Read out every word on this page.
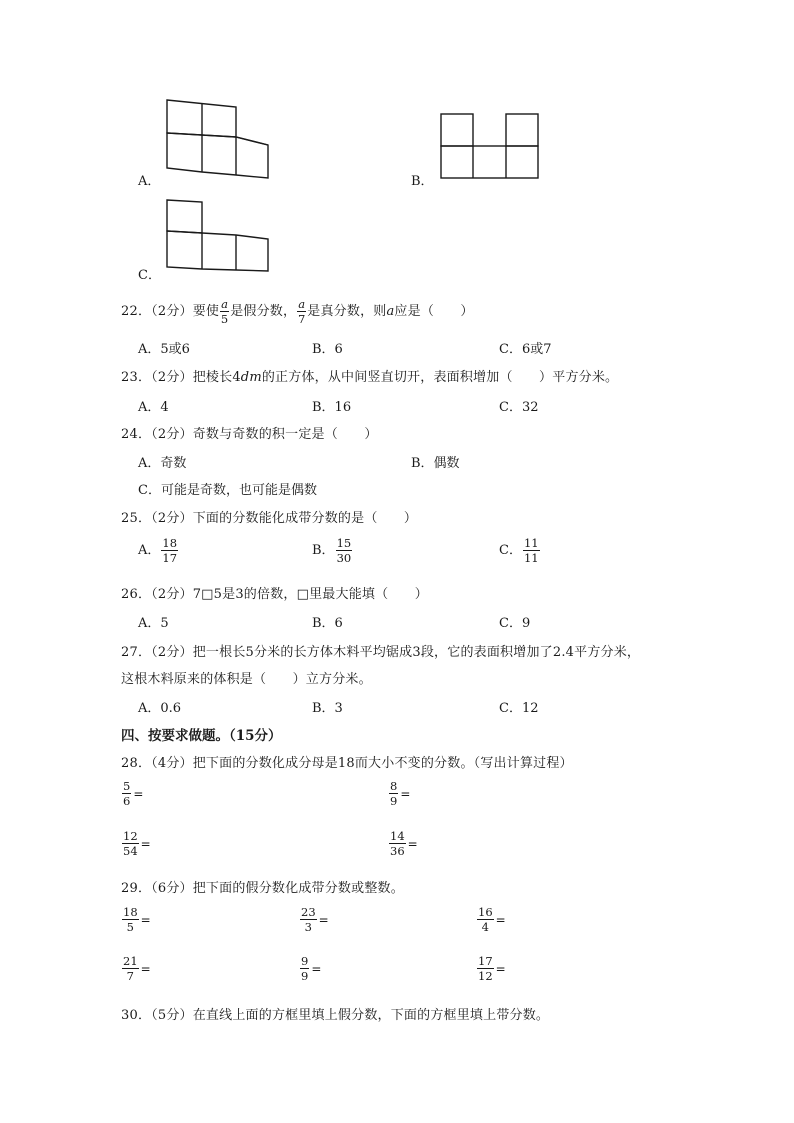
A．	B．
C．
22．（2分）要使 $\frac{a}{5}$ 是假分数， $\frac{a}{7}$ 是真分数，则a应是（　　）
A．5或6	B．6	C．6或7
23．（2分）把棱长4dm的正方体，从中间竖直切开，表面积增加（　　）平方分米。
A．4	B．16	C．32
24．（2分）奇数与奇数的积一定是（　　）
A．奇数	B．偶数
C．可能是奇数，也可能是偶数
25．（2分）下面的分数能化成带分数的是（　　）
A． $\frac{18}{17}$	B． $\frac{15}{30}$	C． $\frac{11}{11}$
26．（2分）7□5是3的倍数，□里最大能填（　　）
A．5	B．6	C．9
27．（2分）把一根长5分米的长方体木料平均锯成3段，它的表面积增加了2.4平方分米，
这根木料原来的体积是（　　）立方分米。
A．0.6	B．3	C．12
四、按要求做题。（15分）
28．（4分）把下面的分数化成分母是18而大小不变的分数。（写出计算过程）
$\frac{5}{6}$ =	$\frac{8}{9}$ =
$\frac{12}{54}$ =	$\frac{14}{36}$ =
29．（6分）把下面的假分数化成带分数或整数。
$\frac{18}{5}$ =	$\frac{23}{3}$ =	$\frac{16}{4}$ =
$\frac{21}{7}$ =	$\frac{9}{9}$ =	$\frac{17}{12}$ =
30．（5分）在直线上面的方框里填上假分数，下面的方框里填上带分数。
